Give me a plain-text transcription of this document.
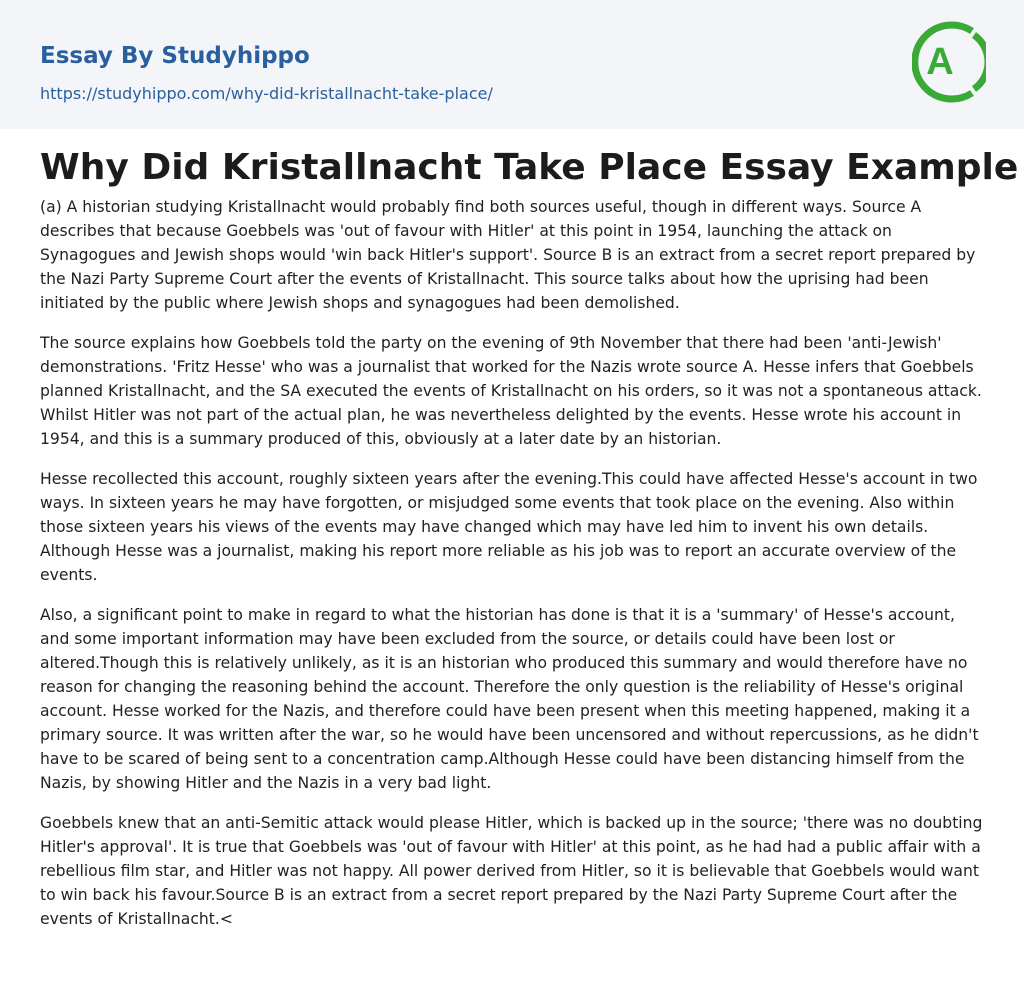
Essay By Studyhippo
https://studyhippo.com/why-did-kristallnacht-take-place/
A
Why Did Kristallnacht Take Place Essay Example

(a) A historian studying Kristallnacht would probably find both sources useful, though in different ways. Source A describes that because Goebbels was 'out of favour with Hitler' at this point in 1954, launching the attack on Synagogues and Jewish shops would 'win back Hitler's support'. Source B is an extract from a secret report prepared by the Nazi Party Supreme Court after the events of Kristallnacht. This source talks about how the uprising had been initiated by the public where Jewish shops and synagogues had been demolished.

The source explains how Goebbels told the party on the evening of 9th November that there had been 'anti-Jewish' demonstrations. 'Fritz Hesse' who was a journalist that worked for the Nazis wrote source A. Hesse infers that Goebbels planned Kristallnacht, and the SA executed the events of Kristallnacht on his orders, so it was not a spontaneous attack. Whilst Hitler was not part of the actual plan, he was nevertheless delighted by the events. Hesse wrote his account in 1954, and this is a summary produced of this, obviously at a later date by an historian.

Hesse recollected this account, roughly sixteen years after the evening.This could have affected Hesse's account in two ways. In sixteen years he may have forgotten, or misjudged some events that took place on the evening. Also within those sixteen years his views of the events may have changed which may have led him to invent his own details. Although Hesse was a journalist, making his report more reliable as his job was to report an accurate overview of the events.

Also, a significant point to make in regard to what the historian has done is that it is a 'summary' of Hesse's account, and some important information may have been excluded from the source, or details could have been lost or altered.Though this is relatively unlikely, as it is an historian who produced this summary and would therefore have no reason for changing the reasoning behind the account. Therefore the only question is the reliability of Hesse's original account. Hesse worked for the Nazis, and therefore could have been present when this meeting happened, making it a primary source. It was written after the war, so he would have been uncensored and without repercussions, as he didn't have to be scared of being sent to a concentration camp.Although Hesse could have been distancing himself from the Nazis, by showing Hitler and the Nazis in a very bad light.

Goebbels knew that an anti-Semitic attack would please Hitler, which is backed up in the source; 'there was no doubting Hitler's approval'. It is true that Goebbels was 'out of favour with Hitler' at this point, as he had had a public affair with a rebellious film star, and Hitler was not happy. All power derived from Hitler, so it is believable that Goebbels would want to win back his favour.Source B is an extract from a secret report prepared by the Nazi Party Supreme Court after the events of Kristallnacht.<
